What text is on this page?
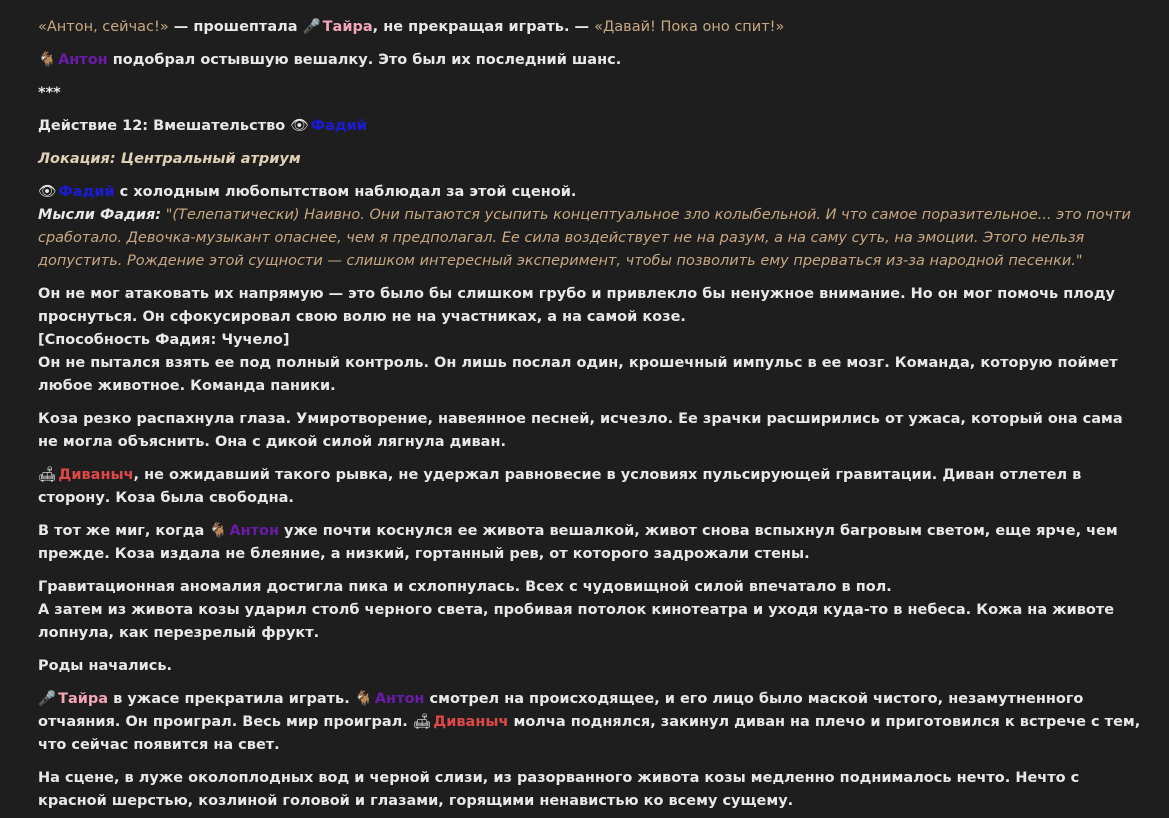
«Антон, сейчас!» — прошептала 🎤 Тайра, не прекращая играть. — «Давай! Пока оно спит!»

🐐 Антон подобрал остывшую вешалку. Это был их последний шанс.

***

Действие 12: Вмешательство 👁 Фадий

Локация: Центральный атриум

👁 Фадий с холодным любопытством наблюдал за этой сценой.

Мысли Фадия: "(Телепатически) Наивно. Они пытаются усыпить концептуальное зло колыбельной. И что самое поразительное... это почти сработало. Девочка-музыкант опаснее, чем я предполагал. Ее сила воздействует не на разум, а на саму суть, на эмоции. Этого нельзя допустить. Рождение этой сущности — слишком интересный эксперимент, чтобы позволить ему прерваться из-за народной песенки."

Он не мог атаковать их напрямую — это было бы слишком грубо и привлекло бы ненужное внимание. Но он мог помочь плоду проснуться. Он сфокусировал свою волю не на участниках, а на самой козе.

[Способность Фадия: Чучело]

Он не пытался взять ее под полный контроль. Он лишь послал один, крошечный импульс в ее мозг. Команда, которую поймет любое животное. Команда паники.

Коза резко распахнула глаза. Умиротворение, навеянное песней, исчезло. Ее зрачки расширились от ужаса, который она сама не могла объяснить. Она с дикой силой лягнула диван.

🛋 Диваныч, не ожидавший такого рывка, не удержал равновесие в условиях пульсирующей гравитации. Диван отлетел в сторону. Коза была свободна.

В тот же миг, когда 🐐 Антон уже почти коснулся ее живота вешалкой, живот снова вспыхнул багровым светом, еще ярче, чем прежде. Коза издала не блеяние, а низкий, гортанный рев, от которого задрожали стены.

Гравитационная аномалия достигла пика и схлопнулась. Всех с чудовищной силой впечатало в пол.

А затем из живота козы ударил столб черного света, пробивая потолок кинотеатра и уходя куда-то в небеса. Кожа на животе лопнула, как перезрелый фрукт.

Роды начались.

🎤 Тайра в ужасе прекратила играть. 🐐 Антон смотрел на происходящее, и его лицо было маской чистого, незамутненного отчаяния. Он проиграл. Весь мир проиграл. 🛋 Диваныч молча поднялся, закинул диван на плечо и приготовился к встрече с тем, что сейчас появится на свет.

На сцене, в луже околоплодных вод и черной слизи, из разорванного живота козы медленно поднималось нечто. Нечто с красной шерстью, козлиной головой и глазами, горящими ненавистью ко всему сущему.
